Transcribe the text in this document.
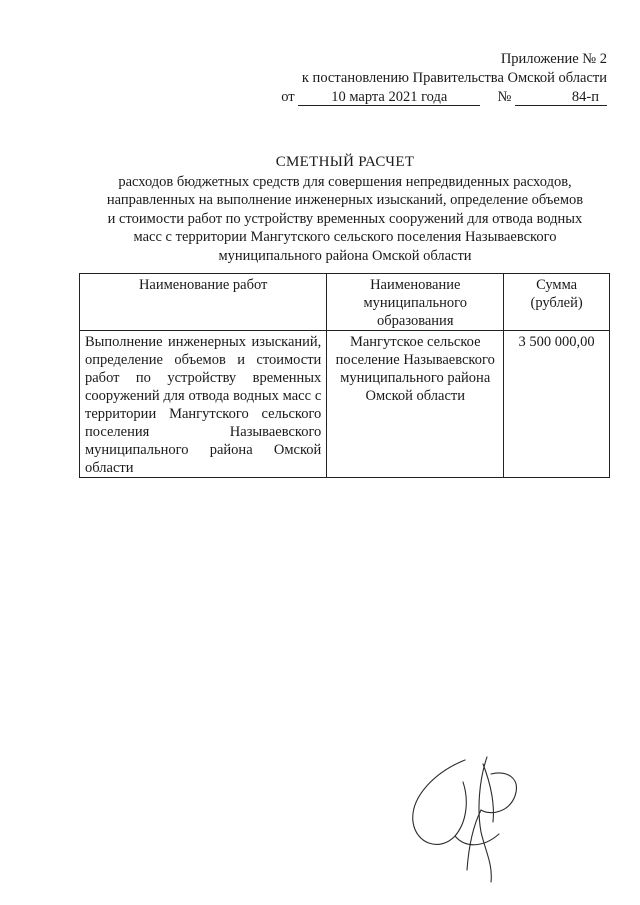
Приложение № 2
к постановлению Правительства Омской области
от	10 марта 2021 года	№	84-п
СМЕТНЫЙ РАСЧЕТ
расходов бюджетных средств для совершения непредвиденных расходов,
направленных на выполнение инженерных изысканий, определение объемов
и стоимости работ по устройству временных сооружений для отвода водных
масс с территории Мангутского сельского поселения Называевского
муниципального района Омской области
Наименование работ	Наименование муниципального образования	Сумма (рублей)
Выполнение инженерных изысканий, определение объемов и стоимости работ по устройству временных сооружений для отвода водных масс с территории Мангутского сельского поселения Называевского муниципального района Омской области	Мангутское сельское поселение Называевского муниципального района Омской области	3 500 000,00
